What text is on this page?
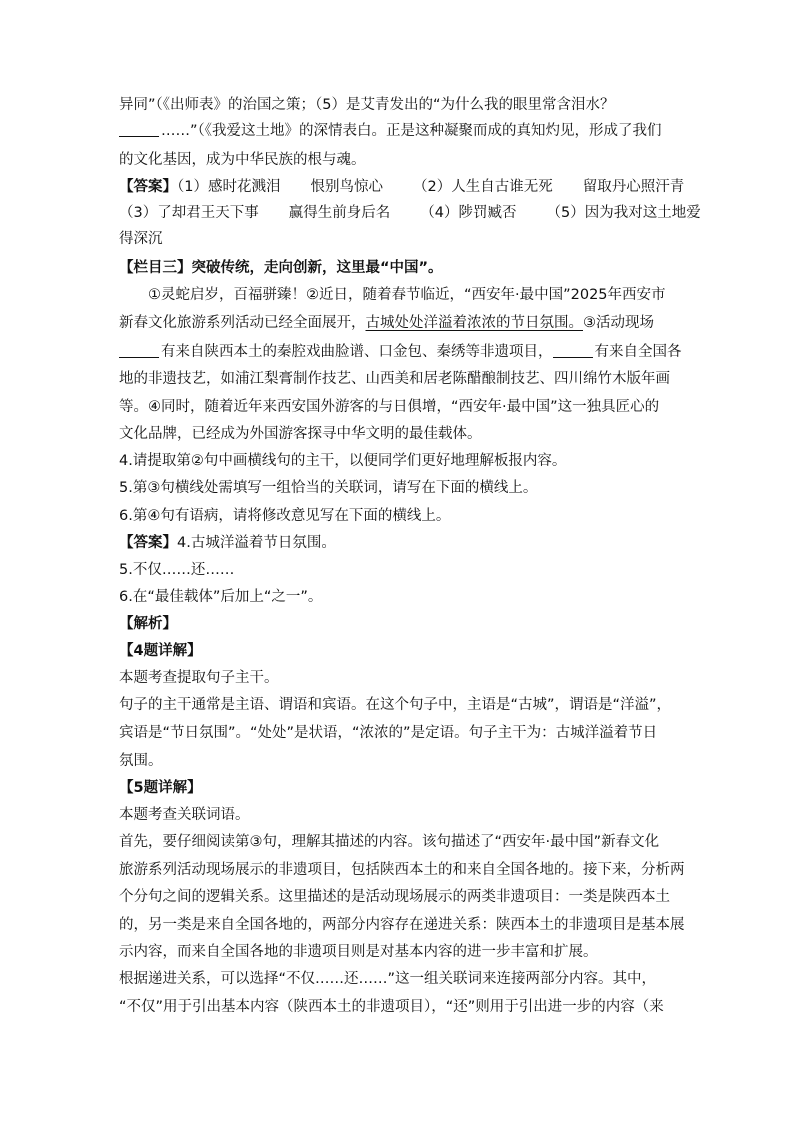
异同”（《出师表》的治国之策；（5）是艾青发出的“为什么我的眼里常含泪水？
……”（《我爱这土地》的深情表白。正是这种凝聚而成的真知灼见，形成了我们
的文化基因，成为中华民族的根与魂。
【答案】（1）感时花溅泪 恨别鸟惊心 （2）人生自古谁无死 留取丹心照汗青
（3）了却君王天下事 赢得生前身后名 （4）陟罚臧否 （5）因为我对这土地爱
得深沉
【栏目三】突破传统，走向创新，这里最“中国”。
①灵蛇启岁，百福骈臻！②近日，随着春节临近，“西安年·最中国”2025年西安市
新春文化旅游系列活动已经全面展开，古城处处洋溢着浓浓的节日氛围。③活动现场
有来自陕西本土的秦腔戏曲脸谱、口金包、秦绣等非遗项目，	有来自全国各
地的非遗技艺，如浦江梨膏制作技艺、山西美和居老陈醋酿制技艺、四川绵竹木版年画
等。④同时，随着近年来西安国外游客的与日俱增，“西安年·最中国”这一独具匠心的
文化品牌，已经成为外国游客探寻中华文明的最佳载体。
4.请提取第②句中画横线句的主干，以便同学们更好地理解板报内容。
5.第③句横线处需填写一组恰当的关联词，请写在下面的横线上。
6.第④句有语病，请将修改意见写在下面的横线上。
【答案】4.古城洋溢着节日氛围。
5.不仅……还……
6.在“最佳载体”后加上“之一”。
【解析】
【4题详解】
本题考查提取句子主干。
句子的主干通常是主语、谓语和宾语。在这个句子中，主语是“古城”，谓语是“洋溢”，
宾语是“节日氛围”。“处处”是状语，“浓浓的”是定语。句子主干为：古城洋溢着节日
氛围。
【5题详解】
本题考查关联词语。
首先，要仔细阅读第③句，理解其描述的内容。该句描述了“西安年·最中国”新春文化
旅游系列活动现场展示的非遗项目，包括陕西本土的和来自全国各地的。接下来，分析两
个分句之间的逻辑关系。这里描述的是活动现场展示的两类非遗项目：一类是陕西本土
的，另一类是来自全国各地的，两部分内容存在递进关系：陕西本土的非遗项目是基本展
示内容，而来自全国各地的非遗项目则是对基本内容的进一步丰富和扩展。
根据递进关系，可以选择“不仅……还……”这一组关联词来连接两部分内容。其中，
“不仅”用于引出基本内容（陕西本土的非遗项目），“还”则用于引出进一步的内容（来
